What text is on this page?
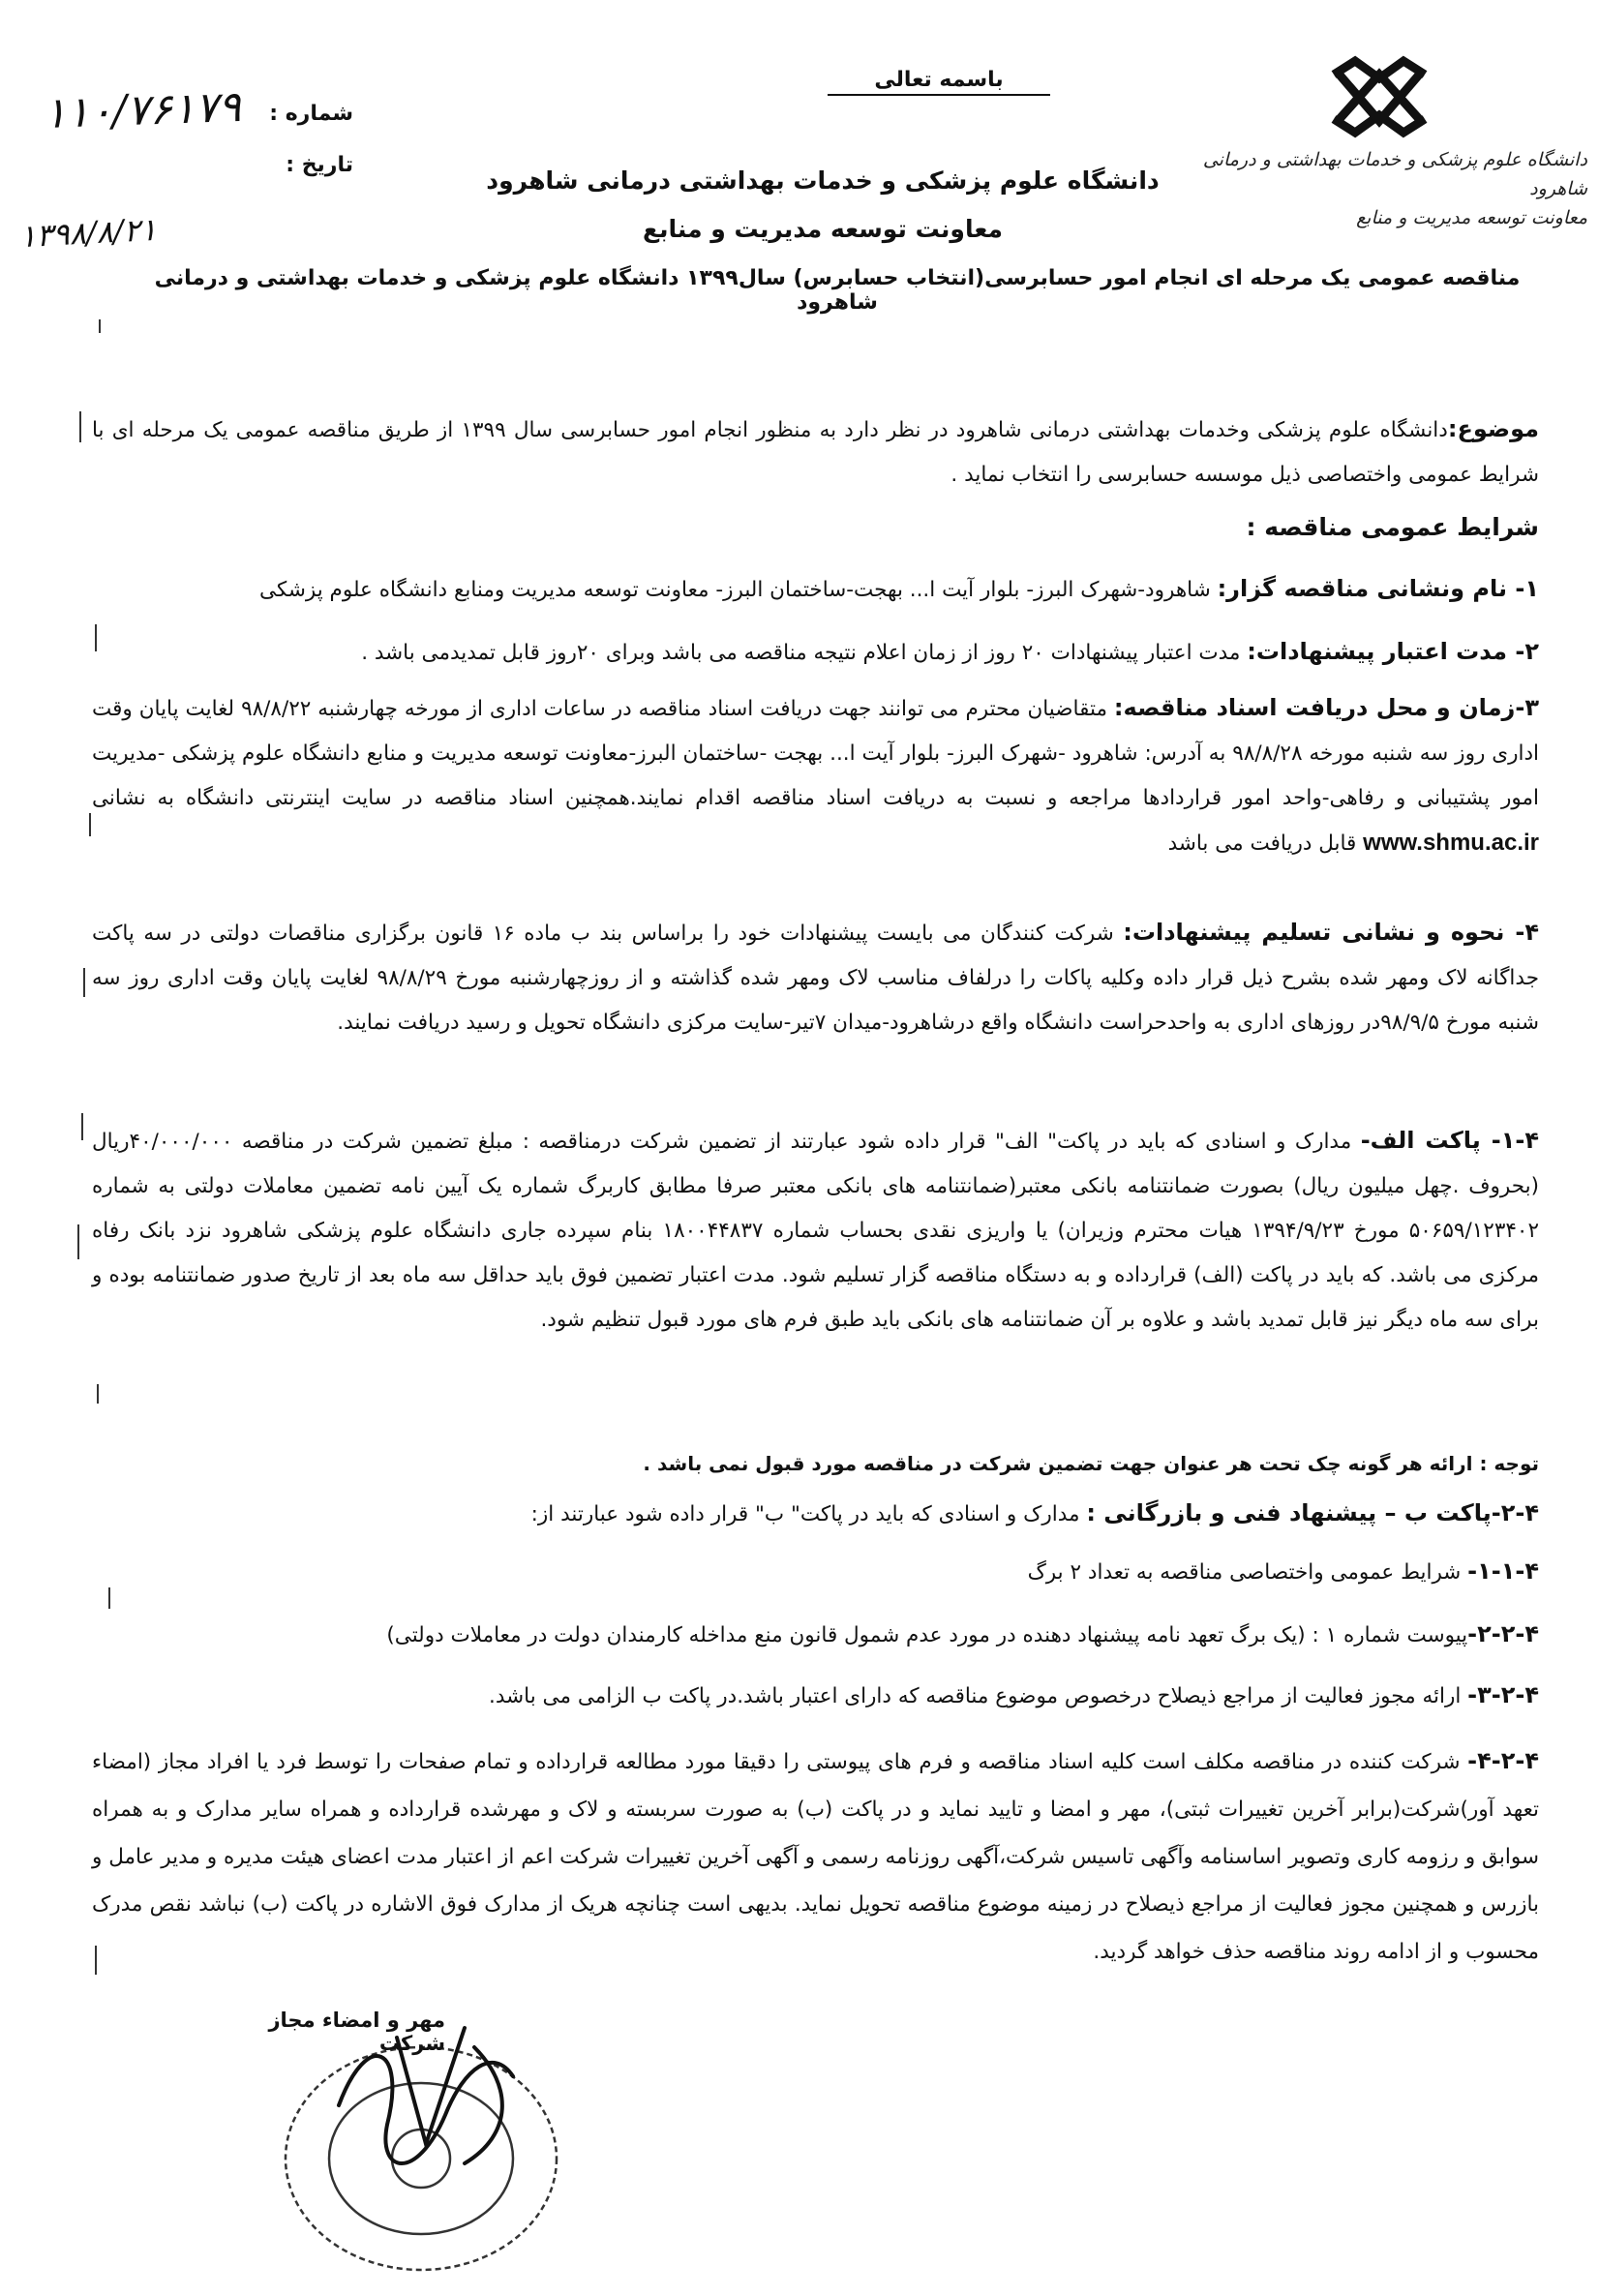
دانشگاه علوم پزشکی و خدمات بهداشتی و درمانی شاهرود
معاونت توسعه مدیریت و منابع
باسمه تعالی
دانشگاه علوم پزشکی و خدمات بهداشتی درمانی شاهرود
معاونت توسعه مدیریت و منابع
شماره :
تاریخ :
۱۱۰/۷۶۱۷۹
۱۳۹۸/۸/۲۱
مناقصه عمومی یک مرحله ای انجام امور حسابرسی(انتخاب حسابرس) سال۱۳۹۹ دانشگاه علوم پزشکی و خدمات بهداشتی و درمانی شاهرود
موضوع:دانشگاه علوم پزشکی وخدمات بهداشتی درمانی شاهرود در نظر دارد به منظور انجام امور حسابرسی سال ۱۳۹۹ از طریق مناقصه عمومی یک مرحله ای با شرایط عمومی واختصاصی ذیل موسسه حسابرسی را انتخاب نماید .
شرایط عمومی مناقصه :
۱- نام ونشانی مناقصه گزار: شاهرود-شهرک البرز- بلوار آیت ا... بهجت-ساختمان البرز- معاونت توسعه مدیریت ومنابع دانشگاه علوم پزشکی
۲- مدت اعتبار پیشنهادات: مدت اعتبار پیشنهادات ۲۰ روز از زمان اعلام نتیجه مناقصه می باشد وبرای ۲۰روز قابل تمدیدمی باشد .
۳-زمان و محل دریافت اسناد مناقصه: متقاضیان محترم می توانند جهت دریافت اسناد مناقصه در ساعات اداری از مورخه چهارشنبه ۹۸/۸/۲۲ لغایت پایان وقت اداری روز سه شنبه مورخه ۹۸/۸/۲۸ به آدرس: شاهرود -شهرک البرز- بلوار آیت ا... بهجت -ساختمان البرز-معاونت توسعه مدیریت و منابع دانشگاه علوم پزشکی -مدیریت امور پشتیبانی و رفاهی-واحد امور قراردادها مراجعه و نسبت به دریافت اسناد مناقصه اقدام نمایند.همچنین اسناد مناقصه در سایت اینترنتی دانشگاه به نشانی www.shmu.ac.ir قابل دریافت می باشد
۴- نحوه و نشانی تسلیم پیشنهادات: شرکت کنندگان می بایست پیشنهادات خود را براساس بند ب ماده ۱۶ قانون برگزاری مناقصات دولتی در سه پاکت جداگانه لاک ومهر شده بشرح ذیل قرار داده وکلیه پاکات را درلفاف مناسب لاک ومهر شده گذاشته و از روزچهارشنبه مورخ ۹۸/۸/۲۹ لغایت پایان وقت اداری روز سه شنبه مورخ ۹۸/۹/۵در روزهای اداری به واحدحراست دانشگاه واقع درشاهرود-میدان ۷تیر-سایت مرکزی دانشگاه تحویل و رسید دریافت نمایند.
۱-۴- پاکت الف- مدارک و اسنادی که باید در پاکت" الف" قرار داده شود عبارتند از تضمین شرکت درمناقصه : مبلغ تضمین شرکت در مناقصه ۴۰/۰۰۰/۰۰۰ریال (بحروف .چهل میلیون ریال) بصورت ضمانتنامه بانکی معتبر(ضمانتنامه های بانکی معتبر صرفا مطابق کاربرگ شماره یک آیین نامه تضمین معاملات دولتی به شماره ۵۰۶۵۹/۱۲۳۴۰۲ مورخ ۱۳۹۴/۹/۲۳ هیات محترم وزیران) یا واریزی نقدی بحساب شماره ۱۸۰۰۴۴۸۳۷ بنام سپرده جاری دانشگاه علوم پزشکی شاهرود نزد بانک رفاه مرکزی می باشد. که باید در پاکت (الف) قرارداده و به دستگاه مناقصه گزار تسلیم شود. مدت اعتبار تضمین فوق باید حداقل سه ماه بعد از تاریخ صدور ضمانتنامه بوده و برای سه ماه دیگر نیز قابل تمدید باشد و علاوه بر آن ضمانتنامه های بانکی باید طبق فرم های مورد قبول تنظیم شود.
توجه : ارائه هر گونه چک تحت هر عنوان جهت تضمین شرکت در مناقصه مورد قبول نمی باشد .
۲-۴-پاکت ب – پیشنهاد فنی و بازرگانی : مدارک و اسنادی که باید در پاکت" ب" قرار داده شود عبارتند از:
۱-۱-۴- شرایط عمومی واختصاصی مناقصه به تعداد ۲ برگ
۲-۲-۴-پیوست شماره ۱ : (یک برگ تعهد نامه پیشنهاد دهنده در مورد عدم شمول قانون منع مداخله کارمندان دولت در معاملات دولتی)
۳-۲-۴- ارائه مجوز فعالیت از مراجع ذیصلاح درخصوص موضوع مناقصه که دارای اعتبار باشد.در پاکت ب الزامی می باشد.
۴-۲-۴- شرکت کننده در مناقصه مکلف است کلیه اسناد مناقصه و فرم های پیوستی را دقیقا مورد مطالعه قرارداده و تمام صفحات را توسط فرد یا افراد مجاز (امضاء تعهد آور)شرکت(برابر آخرین تغییرات ثبتی)، مهر و امضا و تایید نماید و در پاکت (ب) به صورت سربسته و لاک و مهرشده قرارداده و همراه سایر مدارک و به همراه سوابق و رزومه کاری وتصویر اساسنامه وآگهی تاسیس شرکت،آگهی روزنامه رسمی و آگهی آخرین تغییرات شرکت اعم از اعتبار مدت اعضای هیئت مدیره و مدیر عامل و بازرس و همچنین مجوز فعالیت از مراجع ذیصلاح در زمینه موضوع مناقصه تحویل نماید. بدیهی است چنانچه هریک از مدارک فوق الاشاره در پاکت (ب) نباشد نقص مدرک محسوب و از ادامه روند مناقصه حذف خواهد گردید.
مهر و امضاء مجاز شرکت
